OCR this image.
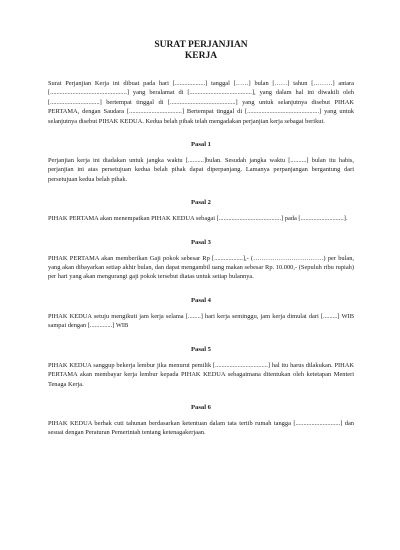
SURAT PERJANJIAN

KERJA

Surat Perjanjian Kerja ini dibuat pada hari [...................] tanggal [……] bulan [……] tahun [………] antara [................................................] yang beralamat di [.......................................], yang dalam hal ini diwakili oleh [...............................] bertempat tinggal di [.........................................] yang untuk selanjutnya disebut PIHAK PERTAMA, dengan Saudara [.................................] Bertempat tinggal di [.............................................] yang untuk selanjutnya disebut PIHAK KEDUA. Kedua belah pihak telah mengadakan perjanjian kerja sebagai berikut.

Pasal 1

Perjanjian kerja ini diadakan untuk jangka waktu [..........]bulan. Sesudah jangka waktu [..........] bulan itu habis, perjanjian ini atas persetujuan kedua belah pihak dapat diperpanjang. Lamanya perpanjangan bergantung dari persetujuan kedua belah pihak.

Pasal 2

PIHAK PERTAMA akan menempatkan PIHAK KEDUA sebagai [.......................................] pada [...........................].

Pasal 3

PIHAK PERTAMA akan memberikan Gaji pokok sebesar Rp [..................],- (……………………………) per bulan, yang akan dibayarkan setiap akhir bulan, dan dapat mengambil uang makan sebesar Rp. 10.000,- (Sepuluh ribu rupiah) per hari yang akan mengurangi gaji pokok tersebut diatas untuk setiap bulannya.

Pasal 4

PIHAK KEDUA setuju mengikuti jam kerja selama [........] hari kerja seminggu, jam kerja dimulai dari [.........] WIB sampai dengan [..............] WIB

Pasal 5

PIHAK KEDUA sanggup bekerja lembur jika menurut pemilik [.................................] hal itu harus dilakukan. PIHAK PERTAMA akan membayar kerja lembur kepada PIHAK KEDUA sebagaimana ditentukan oleh ketetapan Menteri Tenaga Kerja.

Pasal 6

PIHAK KEDUA berhak cuti tahunan berdasarkan ketentuan dalam tata tertib rumah tangga [............................] dan sesuai dengan Peraturan Pemerintah tentang ketenagakerjaan.
